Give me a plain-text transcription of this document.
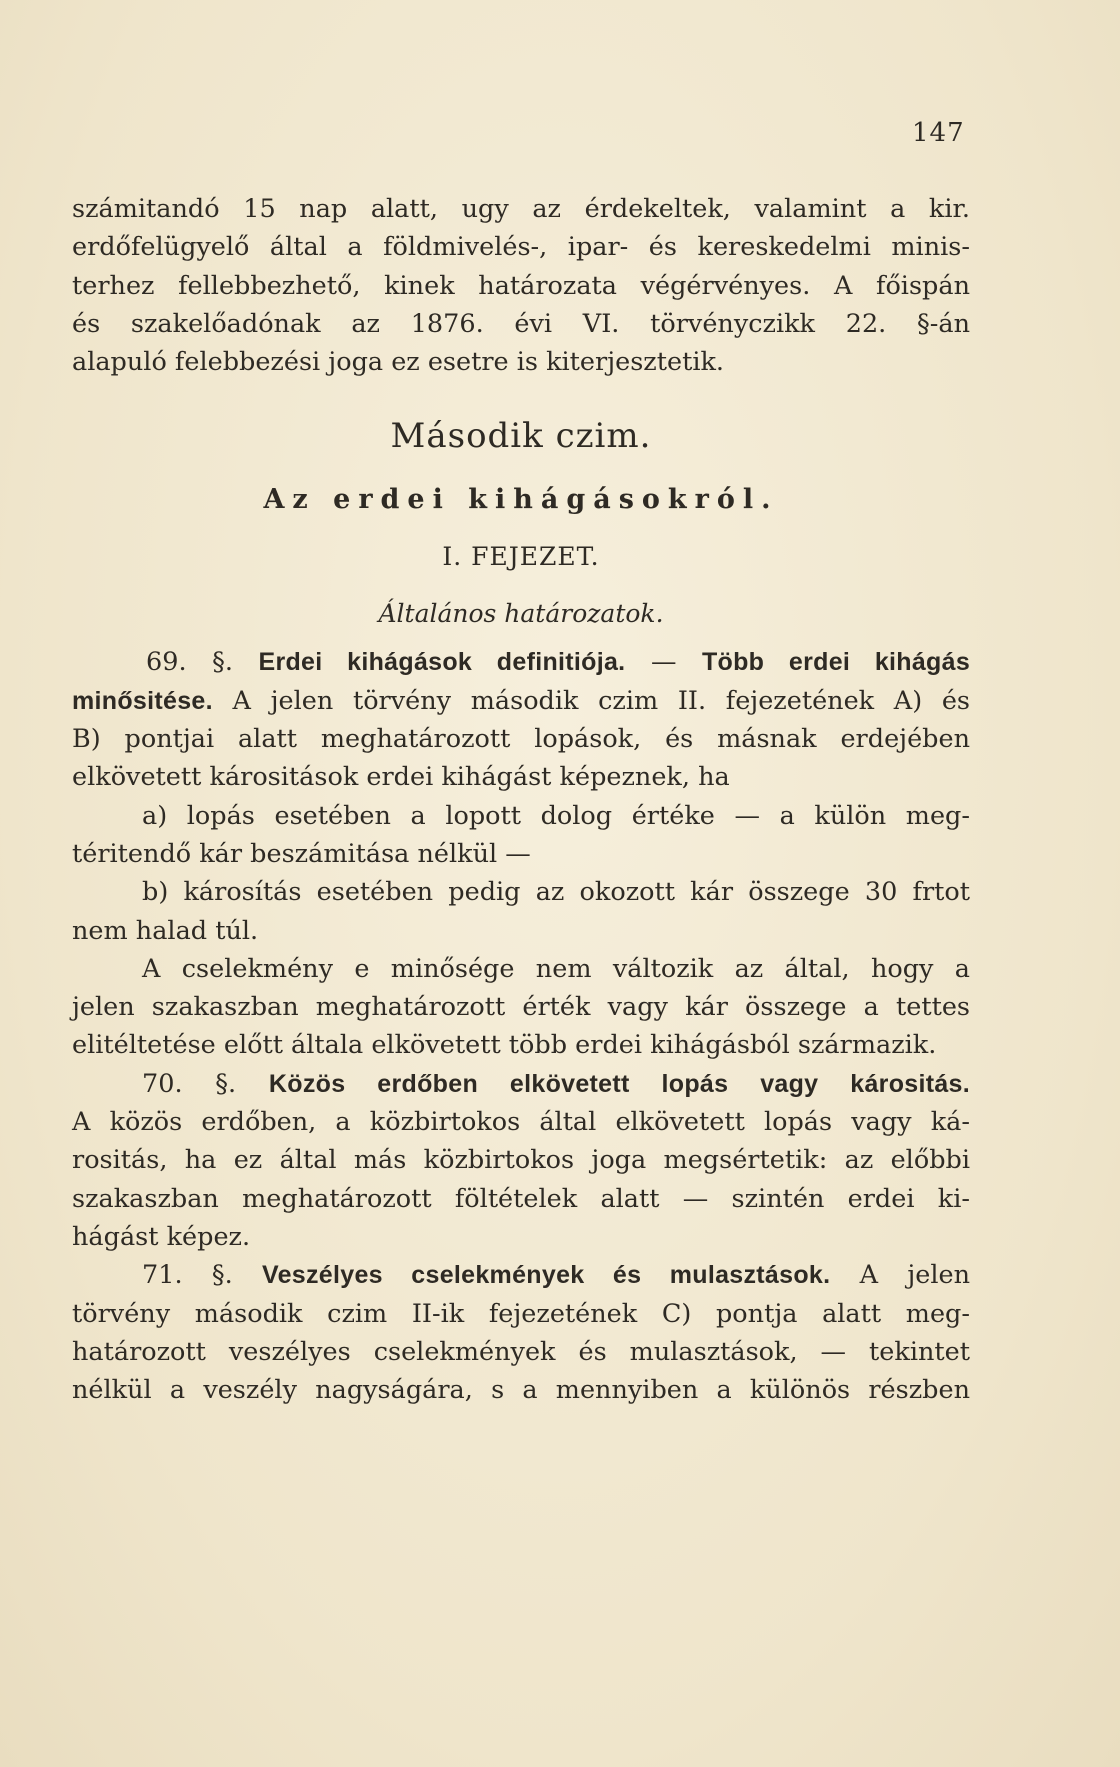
147
számitandó 15 nap alatt, ugy az érdekeltek, valamint a kir.
erdőfelügyelő által a földmivelés-, ipar- és kereskedelmi minis-
terhez fellebbezhető, kinek határozata végérvényes. A főispán
és szakelőadónak az 1876. évi VI. törvényczikk 22. §-án
alapuló felebbezési joga ez esetre is kiterjesztetik.
Második czim.
Az erdei kihágásokról.
I. FEJEZET.
Általános határozatok.
69. §. Erdei kihágások definitiója. — Több erdei kihágás
minősitése. A jelen törvény második czim II. fejezetének A) és
B) pontjai alatt meghatározott lopások, és másnak erdejében
elkövetett kárositások erdei kihágást képeznek, ha
a) lopás esetében a lopott dolog értéke — a külön meg-
téritendő kár beszámitása nélkül —
b) károsítás esetében pedig az okozott kár összege 30 frtot
nem halad túl.
A cselekmény e minősége nem változik az által, hogy a
jelen szakaszban meghatározott érték vagy kár összege a tettes
elitéltetése előtt általa elkövetett több erdei kihágásból származik.
70. §. Közös erdőben elkövetett lopás vagy kárositás.
A közös erdőben, a közbirtokos által elkövetett lopás vagy ká-
rositás, ha ez által más közbirtokos joga megsértetik: az előbbi
szakaszban meghatározott föltételek alatt — szintén erdei ki-
hágást képez.
71. §. Veszélyes cselekmények és mulasztások. A jelen
törvény második czim II-ik fejezetének C) pontja alatt meg-
határozott veszélyes cselekmények és mulasztások, — tekintet
nélkül a veszély nagyságára, s a mennyiben a különös részben
